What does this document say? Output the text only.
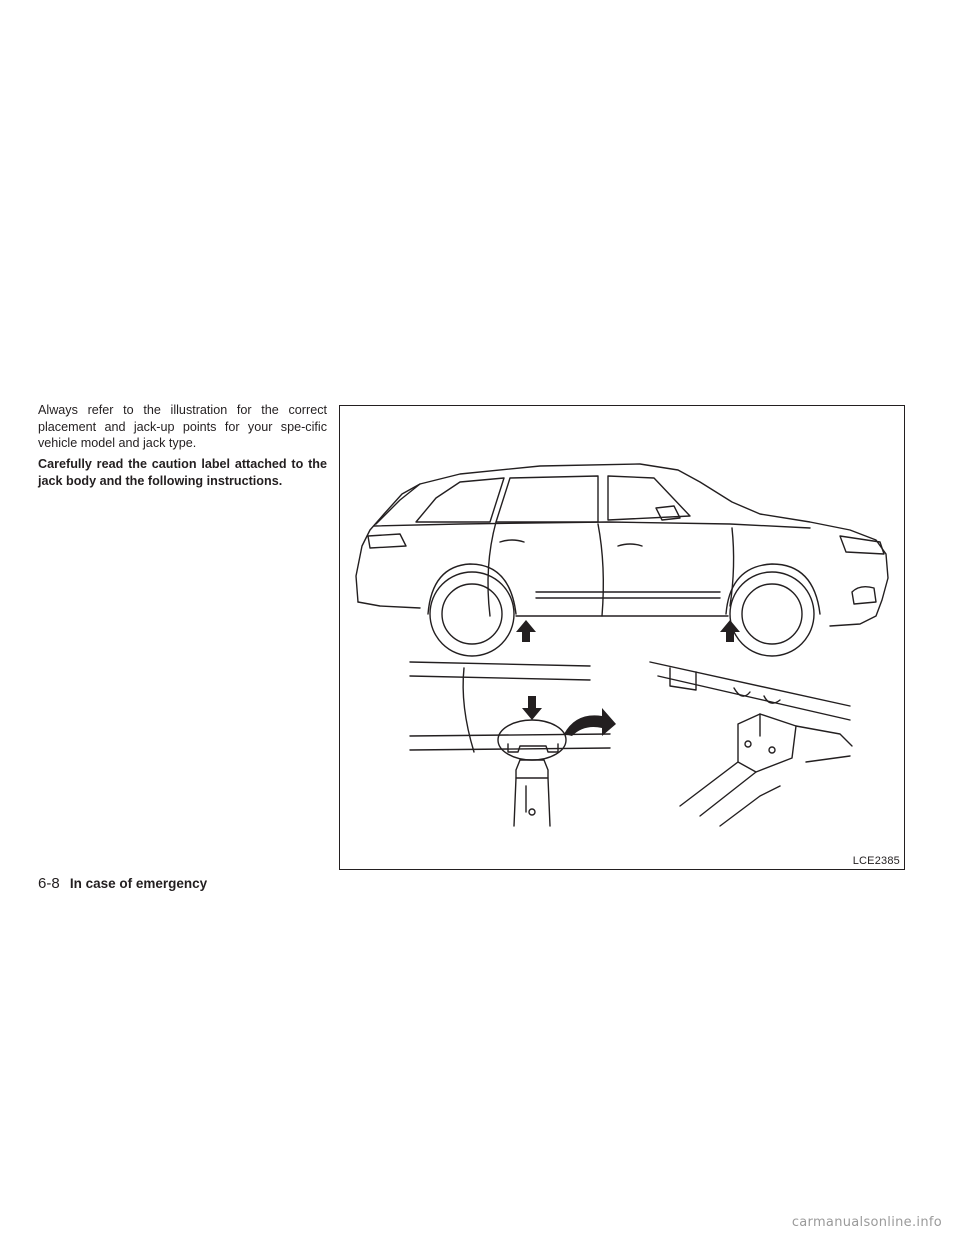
Always refer to the illustration for the correct placement and jack-up points for your spe-cific vehicle model and jack type.

Carefully read the caution label attached to the jack body and the following instructions.

LCE2385
6-8 In case of emergency
carmanualsonline.info
